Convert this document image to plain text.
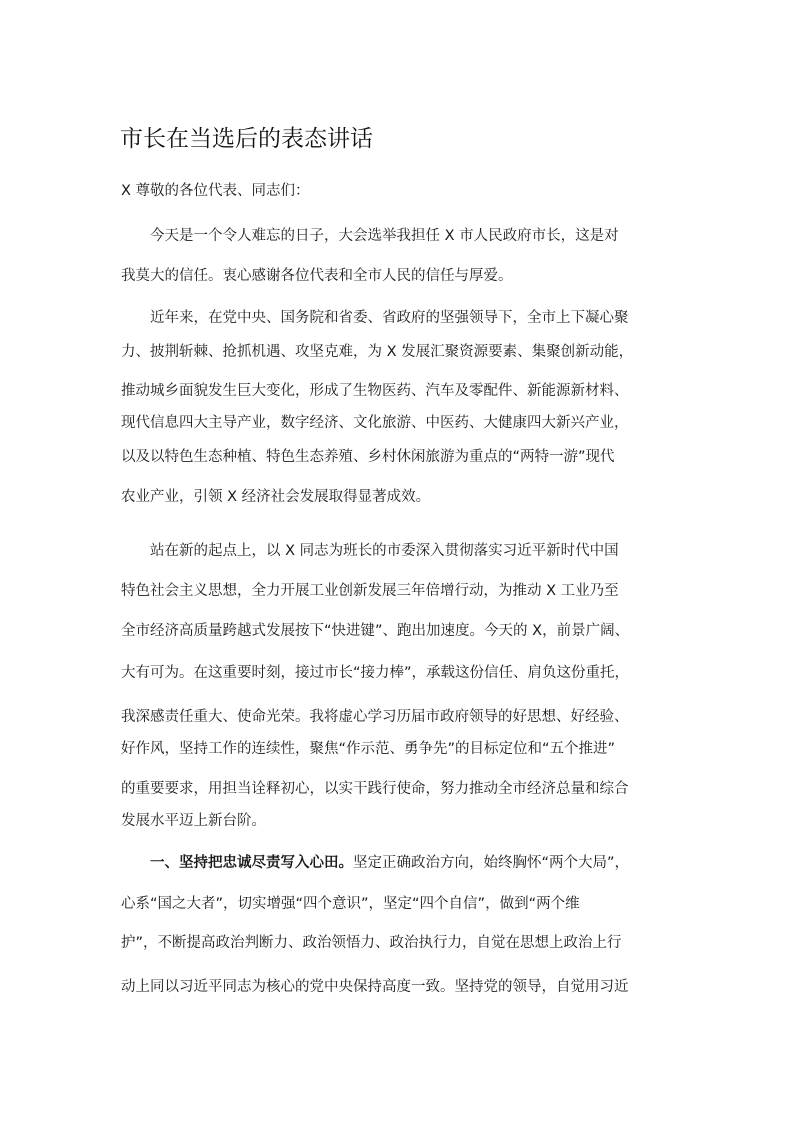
市长在当选后的表态讲话
X 尊敬的各位代表、同志们：
今天是一个令人难忘的日子，大会选举我担任 X 市人民政府市长，这是对
我莫大的信任。衷心感谢各位代表和全市人民的信任与厚爱。
近年来，在党中央、国务院和省委、省政府的坚强领导下，全市上下凝心聚
力、披荆斩棘、抢抓机遇、攻坚克难，为 X 发展汇聚资源要素、集聚创新动能，
推动城乡面貌发生巨大变化，形成了生物医药、汽车及零配件、新能源新材料、
现代信息四大主导产业，数字经济、文化旅游、中医药、大健康四大新兴产业，
以及以特色生态种植、特色生态养殖、乡村休闲旅游为重点的“两特一游”现代
农业产业，引领 X 经济社会发展取得显著成效。
站在新的起点上，以 X 同志为班长的市委深入贯彻落实习近平新时代中国
特色社会主义思想，全力开展工业创新发展三年倍增行动，为推动 X 工业乃至
全市经济高质量跨越式发展按下“快进键”、跑出加速度。今天的 X，前景广阔、
大有可为。在这重要时刻，接过市长“接力棒”，承载这份信任、肩负这份重托，
我深感责任重大、使命光荣。我将虚心学习历届市政府领导的好思想、好经验、
好作风，坚持工作的连续性，聚焦“作示范、勇争先”的目标定位和“五个推进”
的重要要求，用担当诠释初心，以实干践行使命，努力推动全市经济总量和综合
发展水平迈上新台阶。
一、坚持把忠诚尽责写入心田。坚定正确政治方向，始终胸怀“两个大局”，
心系“国之大者”，切实增强“四个意识”，坚定“四个自信”，做到“两个维
护”，不断提高政治判断力、政治领悟力、政治执行力，自觉在思想上政治上行
动上同以习近平同志为核心的党中央保持高度一致。坚持党的领导，自觉用习近
